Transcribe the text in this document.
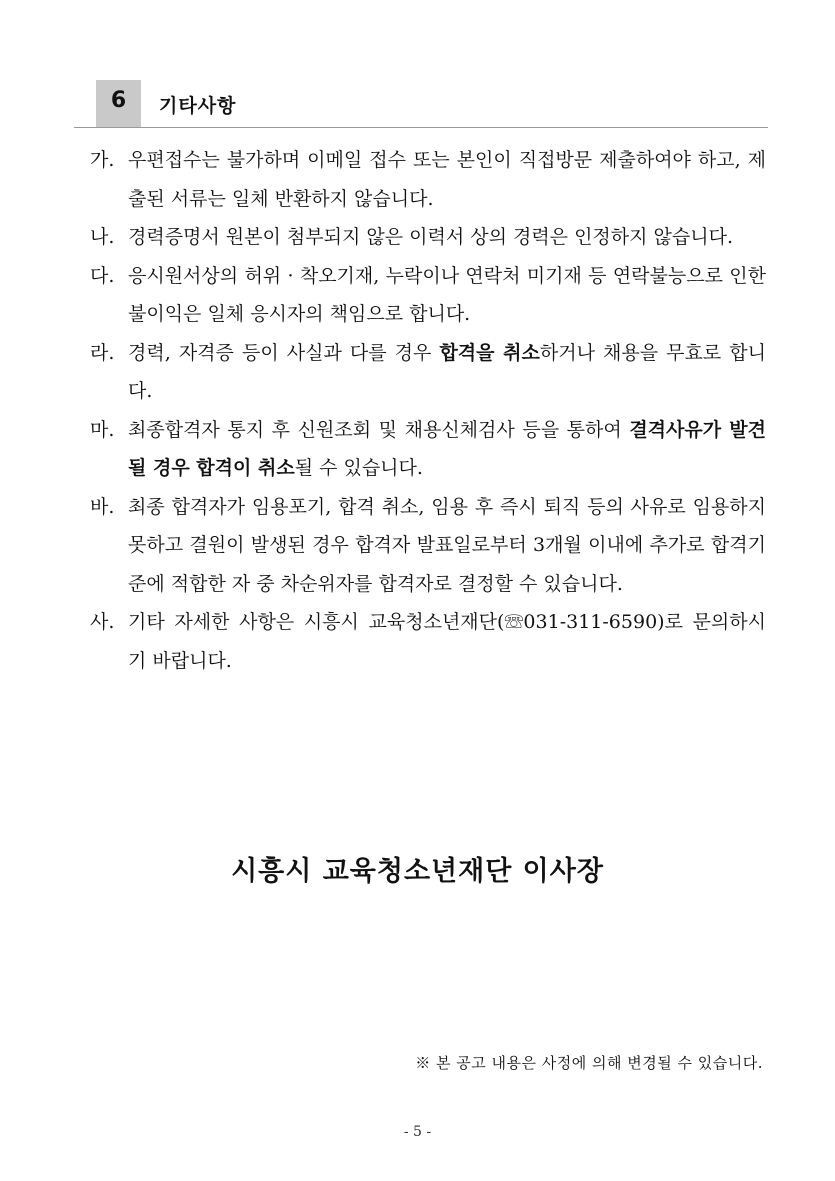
6	기타사항
가. 우편접수는 불가하며 이메일 접수 또는 본인이 직접방문 제출하여야 하고, 제출된 서류는 일체 반환하지 않습니다.
나. 경력증명서 원본이 첨부되지 않은 이력서 상의 경력은 인정하지 않습니다.
다. 응시원서상의 허위 · 착오기재, 누락이나 연락처 미기재 등 연락불능으로 인한 불이익은 일체 응시자의 책임으로 합니다.
라. 경력, 자격증 등이 사실과 다를 경우 합격을 취소하거나 채용을 무효로 합니다.
마. 최종합격자 통지 후 신원조회 및 채용신체검사 등을 통하여 결격사유가 발견될 경우 합격이 취소될 수 있습니다.
바. 최종 합격자가 임용포기, 합격 취소, 임용 후 즉시 퇴직 등의 사유로 임용하지 못하고 결원이 발생된 경우 합격자 발표일로부터 3개월 이내에 추가로 합격기준에 적합한 자 중 차순위자를 합격자로 결정할 수 있습니다.
사. 기타 자세한 사항은 시흥시 교육청소년재단(☏031-311-6590)로 문의하시기 바랍니다.
시흥시 교육청소년재단 이사장
※ 본 공고 내용은 사정에 의해 변경될 수 있습니다.
- 5 -
